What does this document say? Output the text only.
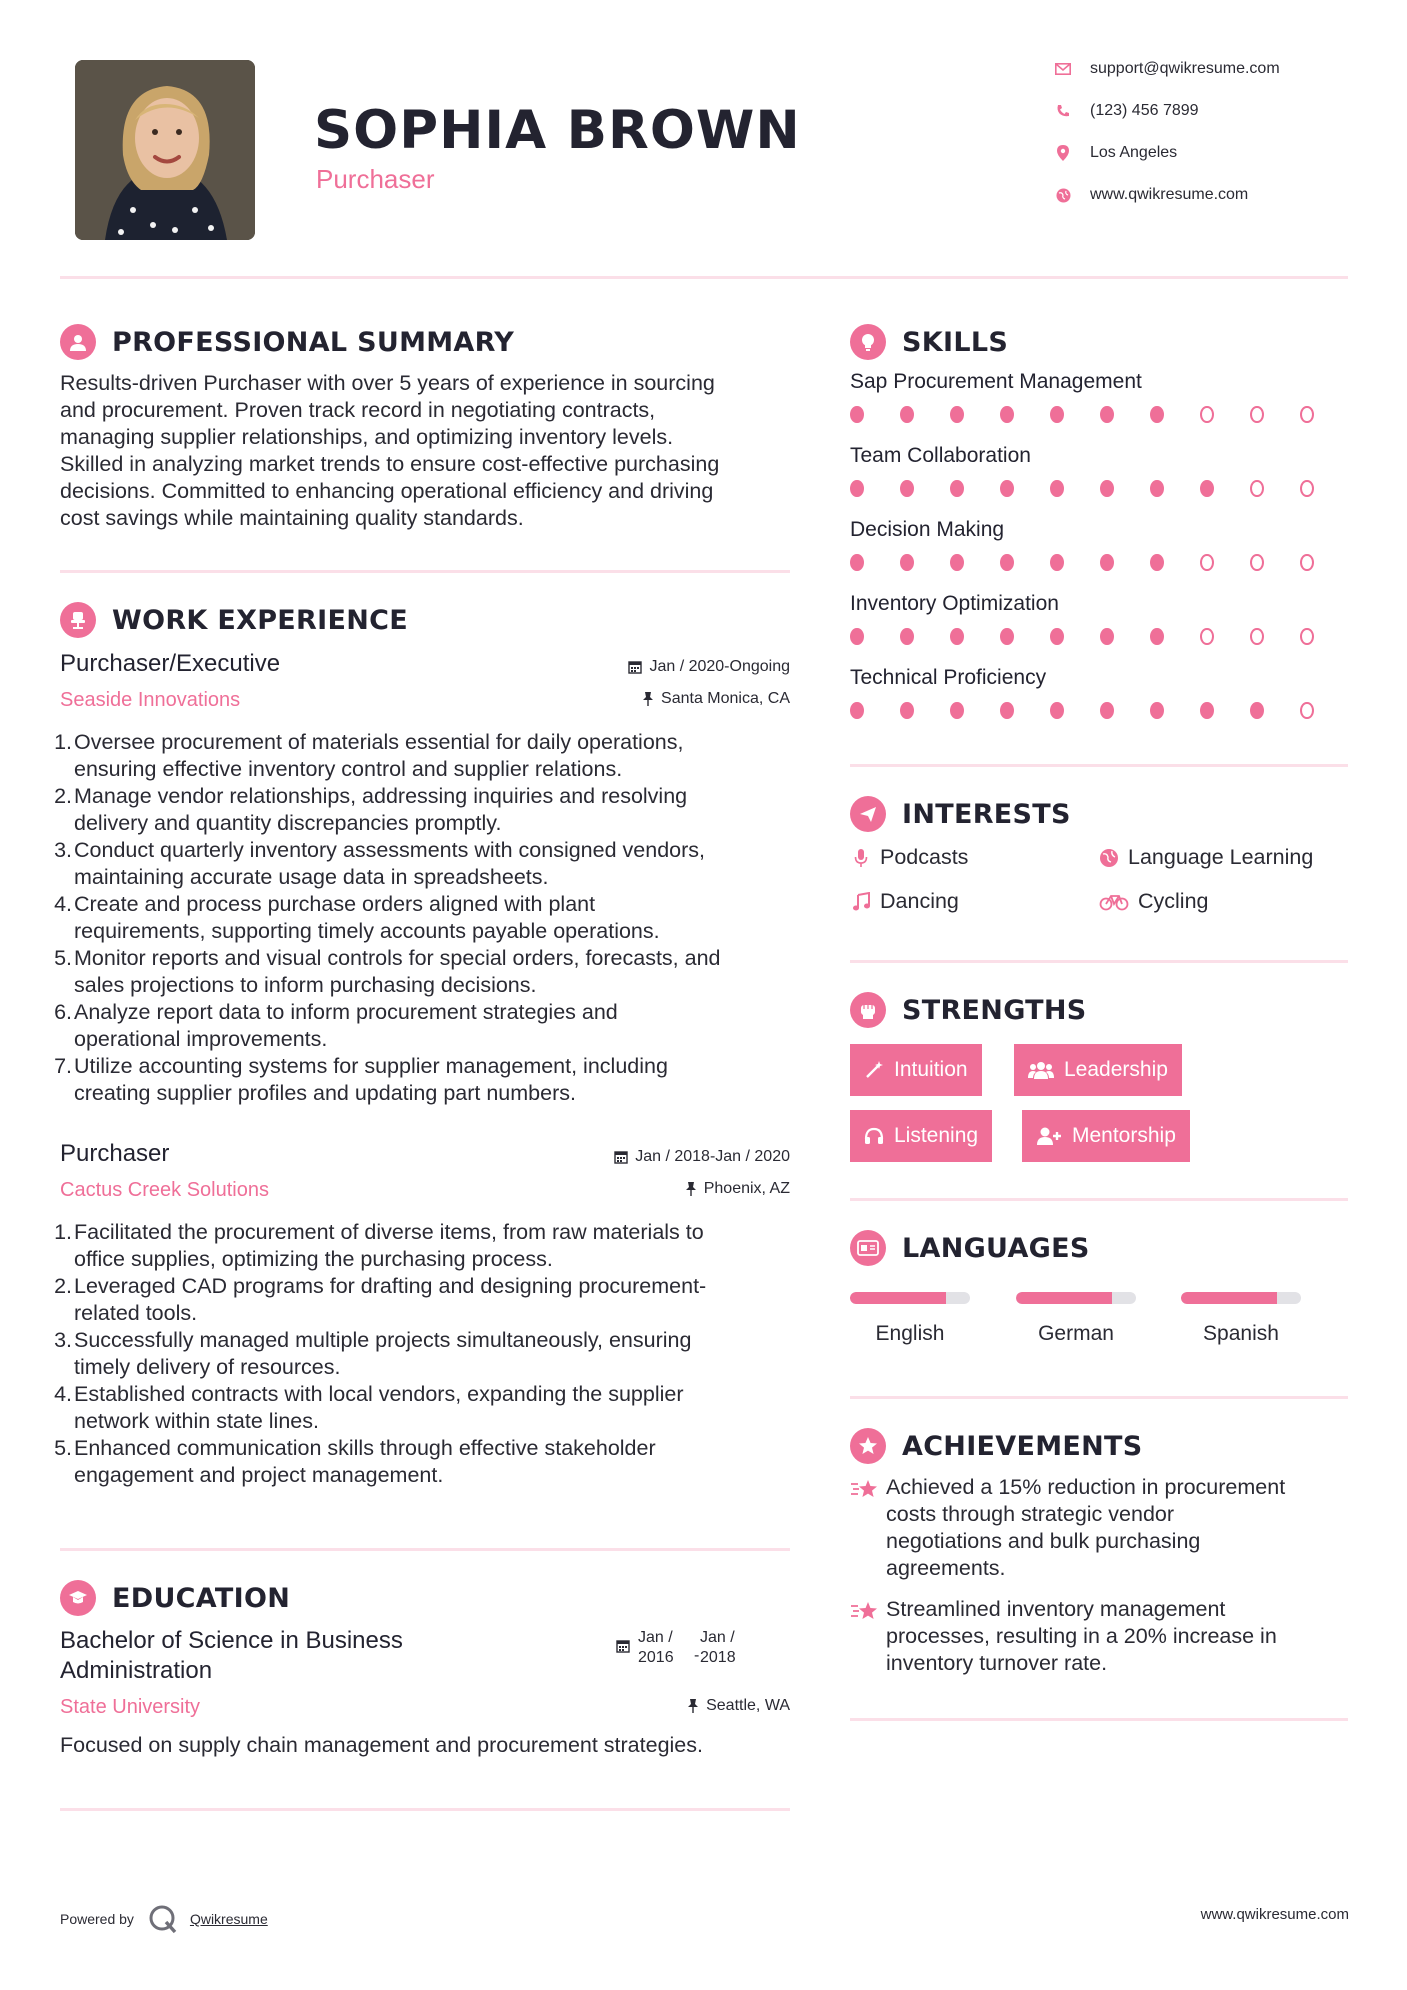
SOPHIA BROWN
Purchaser
support@qwikresume.com
(123) 456 7899
Los Angeles
www.qwikresume.com
PROFESSIONAL SUMMARY
Results-driven Purchaser with over 5 years of experience in sourcing
and procurement. Proven track record in negotiating contracts,
managing supplier relationships, and optimizing inventory levels.
Skilled in analyzing market trends to ensure cost-effective purchasing
decisions. Committed to enhancing operational efficiency and driving
cost savings while maintaining quality standards.
WORK EXPERIENCE
Purchaser/Executive
Seaside Innovations
Jan / 2020-Ongoing
Santa Monica, CA
1. Oversee procurement of materials essential for daily operations,
ensuring effective inventory control and supplier relations.
2. Manage vendor relationships, addressing inquiries and resolving
delivery and quantity discrepancies promptly.
3. Conduct quarterly inventory assessments with consigned vendors,
maintaining accurate usage data in spreadsheets.
4. Create and process purchase orders aligned with plant
requirements, supporting timely accounts payable operations.
5. Monitor reports and visual controls for special orders, forecasts, and
sales projections to inform purchasing decisions.
6. Analyze report data to inform procurement strategies and
operational improvements.
7. Utilize accounting systems for supplier management, including
creating supplier profiles and updating part numbers.
Purchaser
Cactus Creek Solutions
Jan / 2018-Jan / 2020
Phoenix, AZ
1. Facilitated the procurement of diverse items, from raw materials to
office supplies, optimizing the purchasing process.
2. Leveraged CAD programs for drafting and designing procurement-
related tools.
3. Successfully managed multiple projects simultaneously, ensuring
timely delivery of resources.
4. Established contracts with local vendors, expanding the supplier
network within state lines.
5. Enhanced communication skills through effective stakeholder
engagement and project management.
EDUCATION
Bachelor of Science in Business
Administration
Jan /
2016	-
Jan /
2018
State University	Seattle, WA
Focused on supply chain management and procurement strategies.
SKILLS
Sap Procurement Management
Team Collaboration
Decision Making
Inventory Optimization
Technical Proficiency
INTERESTS
Podcasts	Language Learning
Dancing	Cycling
STRENGTHS
Intuition	Leadership
Listening	Mentorship
LANGUAGES
English	German	Spanish
ACHIEVEMENTS
Achieved a 15% reduction in procurement
costs through strategic vendor
negotiations and bulk purchasing
agreements.
Streamlined inventory management
processes, resulting in a 20% increase in
inventory turnover rate.
Powered by	Qwikresume	www.qwikresume.com
